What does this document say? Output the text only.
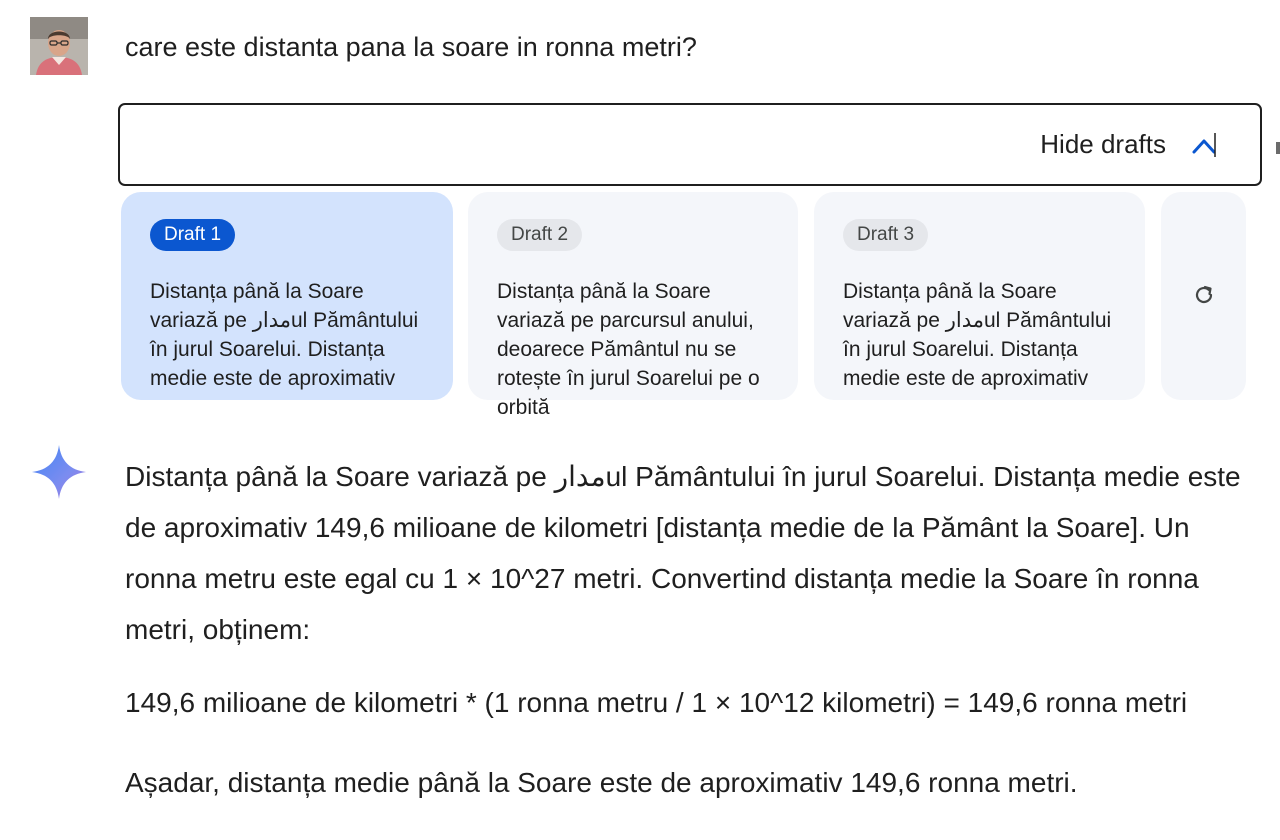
care este distanta pana la soare in ronna metri?
Hide drafts
Draft 1
Distanța până la Soare variază pe مدارul Pământului în jurul Soarelui. Distanța medie este de aproximativ
Draft 2
Distanța până la Soare variază pe parcursul anului, deoarece Pământul nu se rotește în jurul Soarelui pe o orbită
Draft 3
Distanța până la Soare variază pe مدارul Pământului în jurul Soarelui. Distanța medie este de aproximativ

Distanța până la Soare variază pe مدارul Pământului în jurul Soarelui. Distanța medie este de aproximativ 149,6 milioane de kilometri [distanța medie de la Pământ la Soare]. Un ronna metru este egal cu 1 × 10^27 metri. Convertind distanța medie la Soare în ronna metri, obținem:

149,6 milioane de kilometri * (1 ronna metru / 1 × 10^12 kilometri) = 149,6 ronna metri

Așadar, distanța medie până la Soare este de aproximativ 149,6 ronna metri.
